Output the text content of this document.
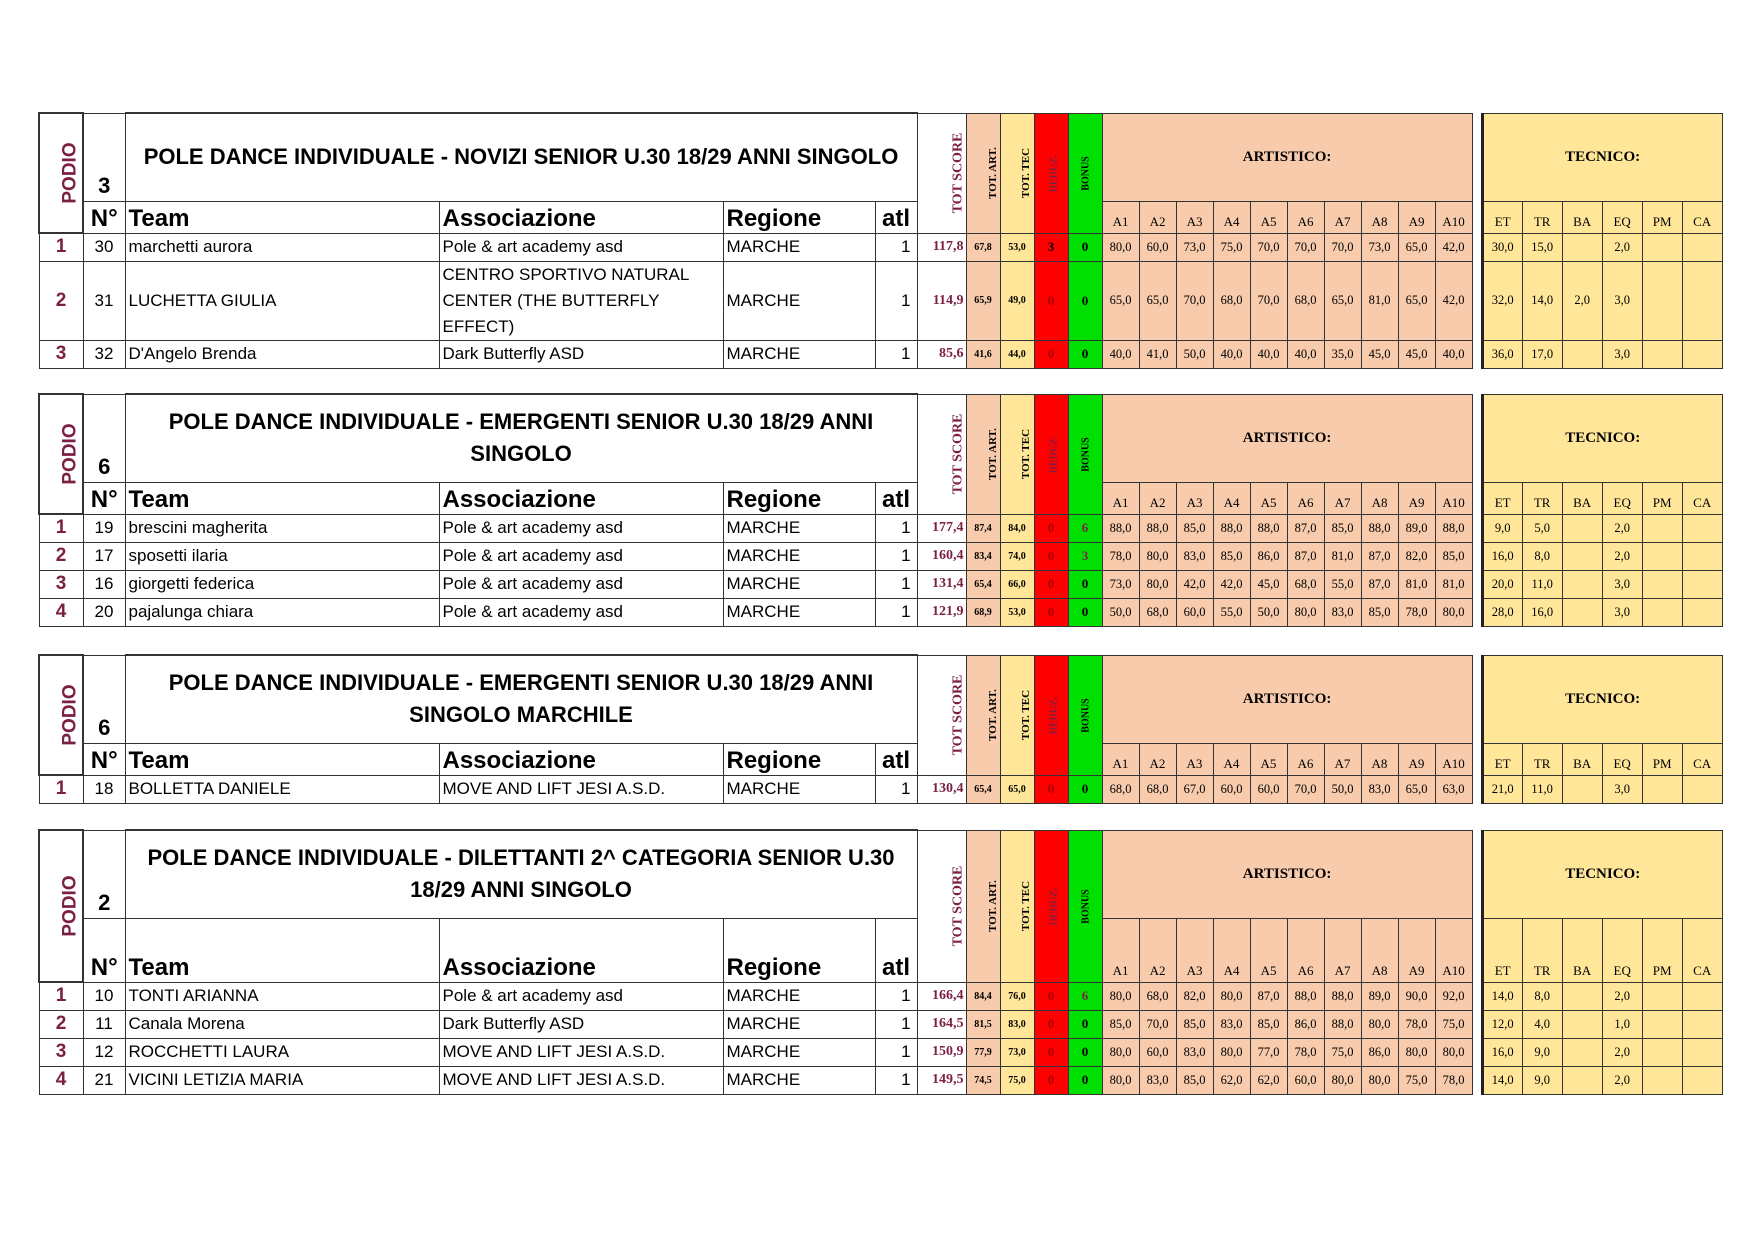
PODIO	3	POLE DANCE INDIVIDUALE - NOVIZI SENIOR U.30 18/29 ANNI SINGOLO				TOT SCORE	TOT. ART.	TOT. TEC	DEDUZ.	BONUS	ARTISTICO:											TECNICO:					
	N°	Team	Associazione	Regione	atl						A1	A2	A3	A4	A5	A6	A7	A8	A9	A10		ET	TR	BA	EQ	PM	CA
1	30	marchetti aurora	Pole & art academy asd	MARCHE	1	117,8	67,8	53,0	3	0	80,0	60,0	73,0	75,0	70,0	70,0	70,0	73,0	65,0	42,0		30,0	15,0		2,0		
2	31	LUCHETTA GIULIA	CENTRO SPORTIVO NATURAL CENTER (THE BUTTERFLY EFFECT)	MARCHE	1	114,9	65,9	49,0	0	0	65,0	65,0	70,0	68,0	70,0	68,0	65,0	81,0	65,0	42,0		32,0	14,0	2,0	3,0		
3	32	D'Angelo Brenda	Dark Butterfly ASD	MARCHE	1	85,6	41,6	44,0	0	0	40,0	41,0	50,0	40,0	40,0	40,0	35,0	45,0	45,0	40,0		36,0	17,0		3,0		
PODIO	6	POLE DANCE INDIVIDUALE - EMERGENTI SENIOR U.30 18/29 ANNI SINGOLO				TOT SCORE	TOT. ART.	TOT. TEC	DEDUZ.	BONUS	ARTISTICO:											TECNICO:					
	N°	Team	Associazione	Regione	atl						A1	A2	A3	A4	A5	A6	A7	A8	A9	A10		ET	TR	BA	EQ	PM	CA
1	19	brescini magherita	Pole & art academy asd	MARCHE	1	177,4	87,4	84,0	0	6	88,0	88,0	85,0	88,0	88,0	87,0	85,0	88,0	89,0	88,0		9,0	5,0		2,0		
2	17	sposetti ilaria	Pole & art academy asd	MARCHE	1	160,4	83,4	74,0	0	3	78,0	80,0	83,0	85,0	86,0	87,0	81,0	87,0	82,0	85,0		16,0	8,0		2,0		
3	16	giorgetti federica	Pole & art academy asd	MARCHE	1	131,4	65,4	66,0	0	0	73,0	80,0	42,0	42,0	45,0	68,0	55,0	87,0	81,0	81,0		20,0	11,0		3,0		
4	20	pajalunga chiara	Pole & art academy asd	MARCHE	1	121,9	68,9	53,0	0	0	50,0	68,0	60,0	55,0	50,0	80,0	83,0	85,0	78,0	80,0		28,0	16,0		3,0		
PODIO	6	POLE DANCE INDIVIDUALE - EMERGENTI SENIOR U.30 18/29 ANNI SINGOLO MARCHILE				TOT SCORE	TOT. ART.	TOT. TEC	DEDUZ.	BONUS	ARTISTICO:											TECNICO:					
	N°	Team	Associazione	Regione	atl						A1	A2	A3	A4	A5	A6	A7	A8	A9	A10		ET	TR	BA	EQ	PM	CA
1	18	BOLLETTA DANIELE	MOVE AND LIFT JESI A.S.D.	MARCHE	1	130,4	65,4	65,0	0	0	68,0	68,0	67,0	60,0	60,0	70,0	50,0	83,0	65,0	63,0		21,0	11,0		3,0		
PODIO	2	POLE DANCE INDIVIDUALE - DILETTANTI 2^ CATEGORIA SENIOR U.30 18/29 ANNI SINGOLO				TOT SCORE	TOT. ART.	TOT. TEC	DEDUZ.	BONUS	ARTISTICO:											TECNICO:					
	N°	Team	Associazione	Regione	atl						A1	A2	A3	A4	A5	A6	A7	A8	A9	A10		ET	TR	BA	EQ	PM	CA
1	10	TONTI ARIANNA	Pole & art academy asd	MARCHE	1	166,4	84,4	76,0	0	6	80,0	68,0	82,0	80,0	87,0	88,0	88,0	89,0	90,0	92,0		14,0	8,0		2,0		
2	11	Canala Morena	Dark Butterfly ASD	MARCHE	1	164,5	81,5	83,0	0	0	85,0	70,0	85,0	83,0	85,0	86,0	88,0	80,0	78,0	75,0		12,0	4,0		1,0		
3	12	ROCCHETTI LAURA	MOVE AND LIFT JESI A.S.D.	MARCHE	1	150,9	77,9	73,0	0	0	80,0	60,0	83,0	80,0	77,0	78,0	75,0	86,0	80,0	80,0		16,0	9,0		2,0		
4	21	VICINI LETIZIA MARIA	MOVE AND LIFT JESI A.S.D.	MARCHE	1	149,5	74,5	75,0	0	0	80,0	83,0	85,0	62,0	62,0	60,0	80,0	80,0	75,0	78,0		14,0	9,0		2,0		
